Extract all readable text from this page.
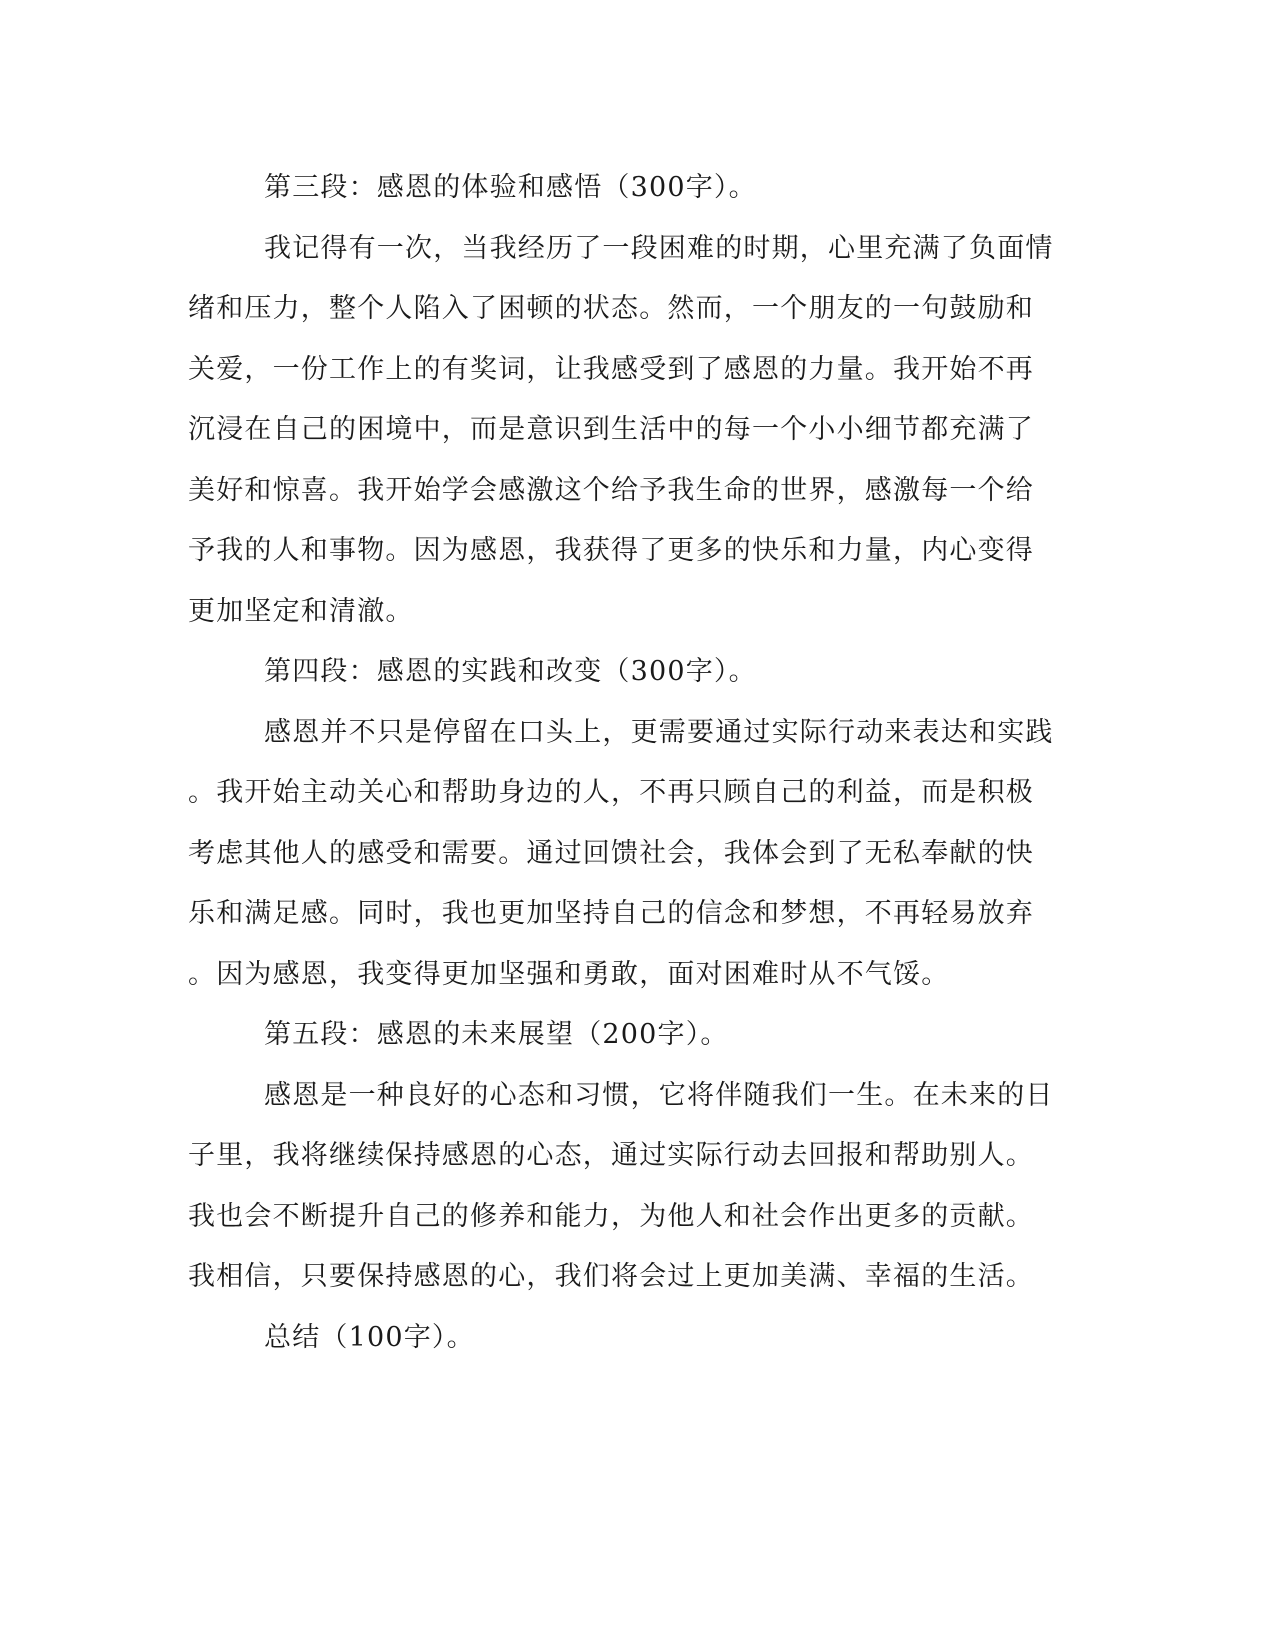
第三段：感恩的体验和感悟（300字）。
我记得有一次，当我经历了一段困难的时期，心里充满了负面情
绪和压力，整个人陷入了困顿的状态。然而，一个朋友的一句鼓励和
关爱，一份工作上的有奖词，让我感受到了感恩的力量。我开始不再
沉浸在自己的困境中，而是意识到生活中的每一个小小细节都充满了
美好和惊喜。我开始学会感激这个给予我生命的世界，感激每一个给
予我的人和事物。因为感恩，我获得了更多的快乐和力量，内心变得
更加坚定和清澈。
第四段：感恩的实践和改变（300字）。
感恩并不只是停留在口头上，更需要通过实际行动来表达和实践
。我开始主动关心和帮助身边的人，不再只顾自己的利益，而是积极
考虑其他人的感受和需要。通过回馈社会，我体会到了无私奉献的快
乐和满足感。同时，我也更加坚持自己的信念和梦想，不再轻易放弃
。因为感恩，我变得更加坚强和勇敢，面对困难时从不气馁。
第五段：感恩的未来展望（200字）。
感恩是一种良好的心态和习惯，它将伴随我们一生。在未来的日
子里，我将继续保持感恩的心态，通过实际行动去回报和帮助别人。
我也会不断提升自己的修养和能力，为他人和社会作出更多的贡献。
我相信，只要保持感恩的心，我们将会过上更加美满、幸福的生活。
总结（100字）。
